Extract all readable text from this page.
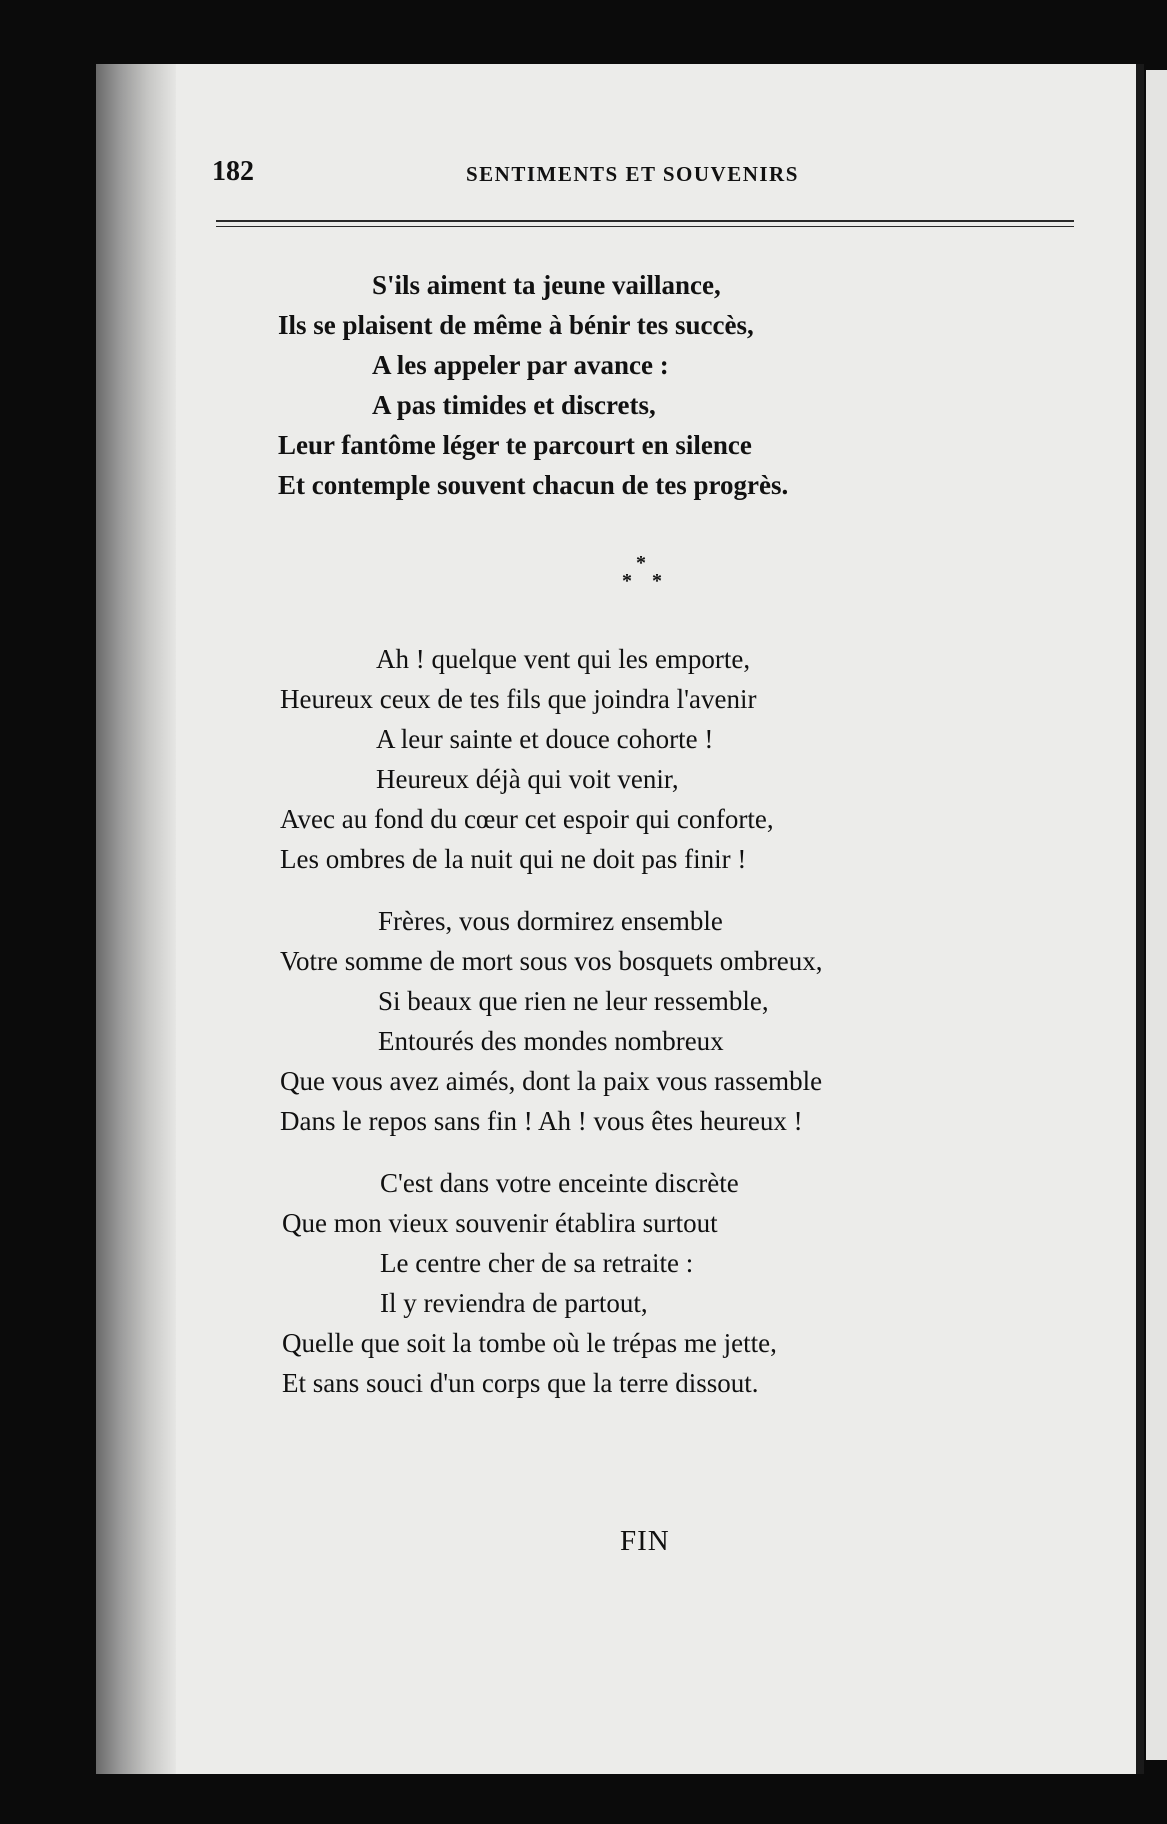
182	SENTIMENTS ET SOUVENIRS
S'ils aiment ta jeune vaillance,
Ils se plaisent de même à bénir tes succès,
A les appeler par avance :
A pas timides et discrets,
Leur fantôme léger te parcourt en silence
Et contemple souvent chacun de tes progrès.
*
* *
Ah ! quelque vent qui les emporte,
Heureux ceux de tes fils que joindra l'avenir
A leur sainte et douce cohorte !
Heureux déjà qui voit venir,
Avec au fond du cœur cet espoir qui conforte,
Les ombres de la nuit qui ne doit pas finir !
Frères, vous dormirez ensemble
Votre somme de mort sous vos bosquets ombreux,
Si beaux que rien ne leur ressemble,
Entourés des mondes nombreux
Que vous avez aimés, dont la paix vous rassemble
Dans le repos sans fin ! Ah ! vous êtes heureux !
C'est dans votre enceinte discrète
Que mon vieux souvenir établira surtout
Le centre cher de sa retraite :
Il y reviendra de partout,
Quelle que soit la tombe où le trépas me jette,
Et sans souci d'un corps que la terre dissout.
FIN
